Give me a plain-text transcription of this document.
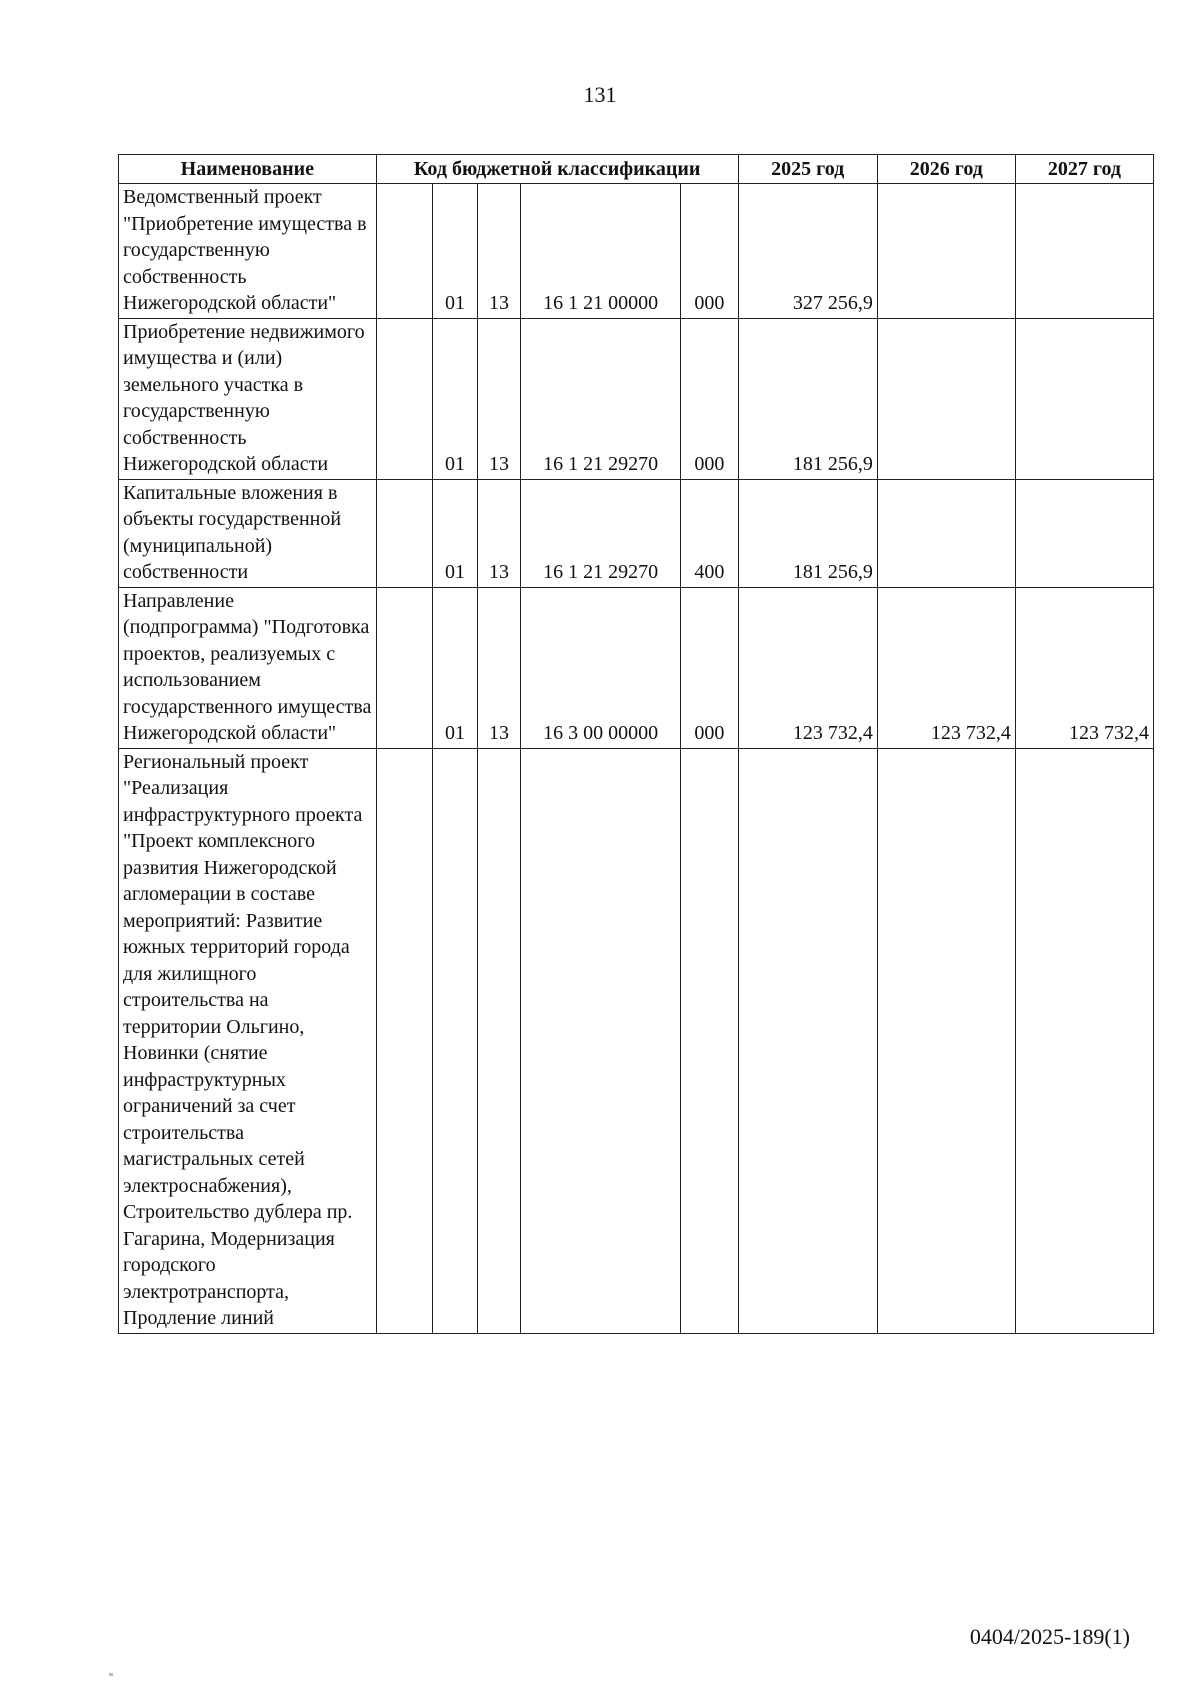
131
Наименование	Код бюджетной классификации					2025 год	2026 год	2027 год
Ведомственный проект "Приобретение имущества в государственную собственность Нижегородской области"		01	13	16 1 21 00000	000	327 256,9		
Приобретение недвижимого имущества и (или) земельного участка в государственную собственность Нижегородской области		01	13	16 1 21 29270	000	181 256,9		
Капитальные вложения в объекты государственной (муниципальной) собственности		01	13	16 1 21 29270	400	181 256,9		
Направление (подпрограмма) "Подготовка проектов, реализуемых с использованием государственного имущества Нижегородской области"		01	13	16 3 00 00000	000	123 732,4	123 732,4	123 732,4
Региональный проект "Реализация инфраструктурного проекта "Проект комплексного развития Нижегородской агломерации в составе мероприятий: Развитие южных территорий города для жилищного строительства на территории Ольгино, Новинки (снятие инфраструктурных ограничений за счет строительства магистральных сетей электроснабжения), Строительство дублера пр. Гагарина, Модернизация городского электротранспорта, Продление линий								
0404/2025-189(1)
